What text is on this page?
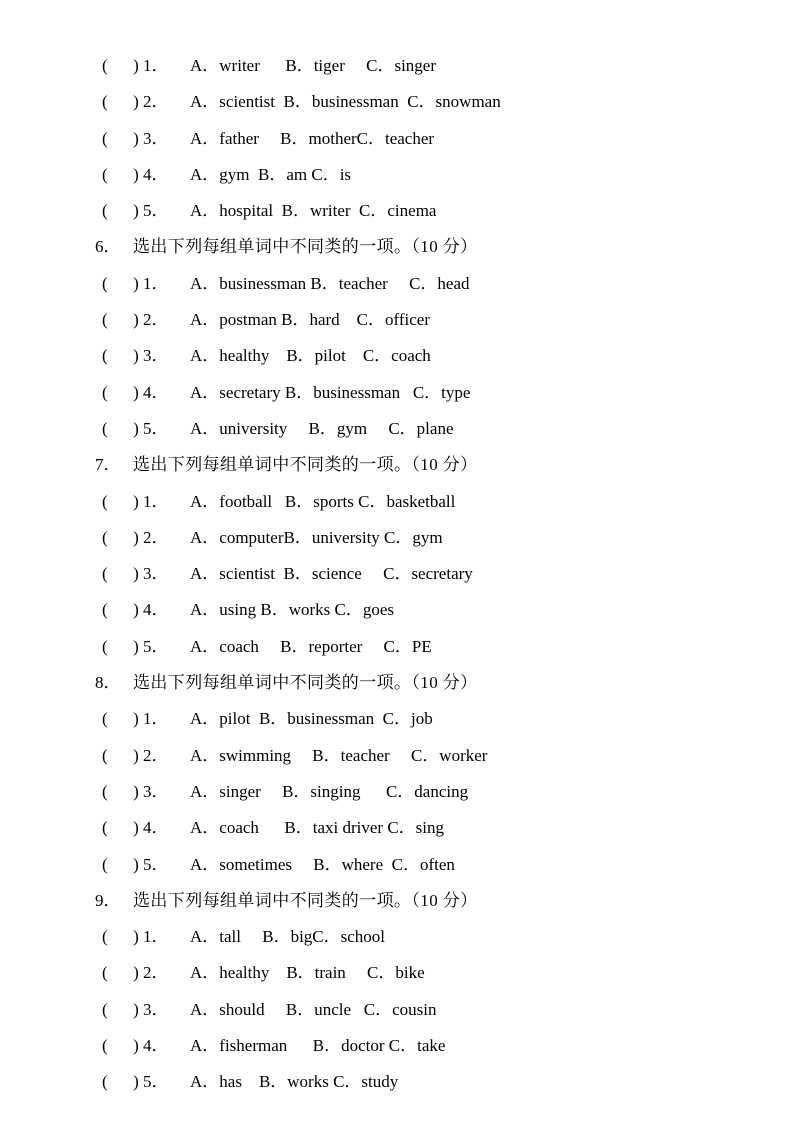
(      ) 1． A．writer      B．tiger     C．singer
(      ) 2． A．scientist  B．businessman  C．snowman
(      ) 3． A．father     B．motherC．teacher
(      ) 4． A．gym  B．am C．is
(      ) 5． A．hospital  B．writer  C．cinema
6． 选出下列每组单词中不同类的一项。（10 分）
(      ) 1． A．businessman B．teacher     C．head
(      ) 2． A．postman B．hard    C．officer
(      ) 3． A．healthy    B．pilot    C．coach
(      ) 4． A．secretary B．businessman   C．type
(      ) 5． A．university     B．gym     C．plane
7． 选出下列每组单词中不同类的一项。（10 分）
(      ) 1． A．football   B．sports C．basketball
(      ) 2． A．computerB．university C．gym
(      ) 3． A．scientist  B．science     C．secretary
(      ) 4． A．using B．works C．goes
(      ) 5． A．coach     B．reporter     C．PE
8． 选出下列每组单词中不同类的一项。（10 分）
(      ) 1． A．pilot  B．businessman  C．job
(      ) 2． A．swimming     B．teacher     C．worker
(      ) 3． A．singer     B．singing      C．dancing
(      ) 4． A．coach      B．taxi driver C．sing
(      ) 5． A．sometimes     B．where  C．often
9． 选出下列每组单词中不同类的一项。（10 分）
(      ) 1． A．tall     B．bigC．school
(      ) 2． A．healthy    B．train     C．bike
(      ) 3． A．should     B．uncle   C．cousin
(      ) 4． A．fisherman      B．doctor C．take
(      ) 5． A．has    B．works C．study
